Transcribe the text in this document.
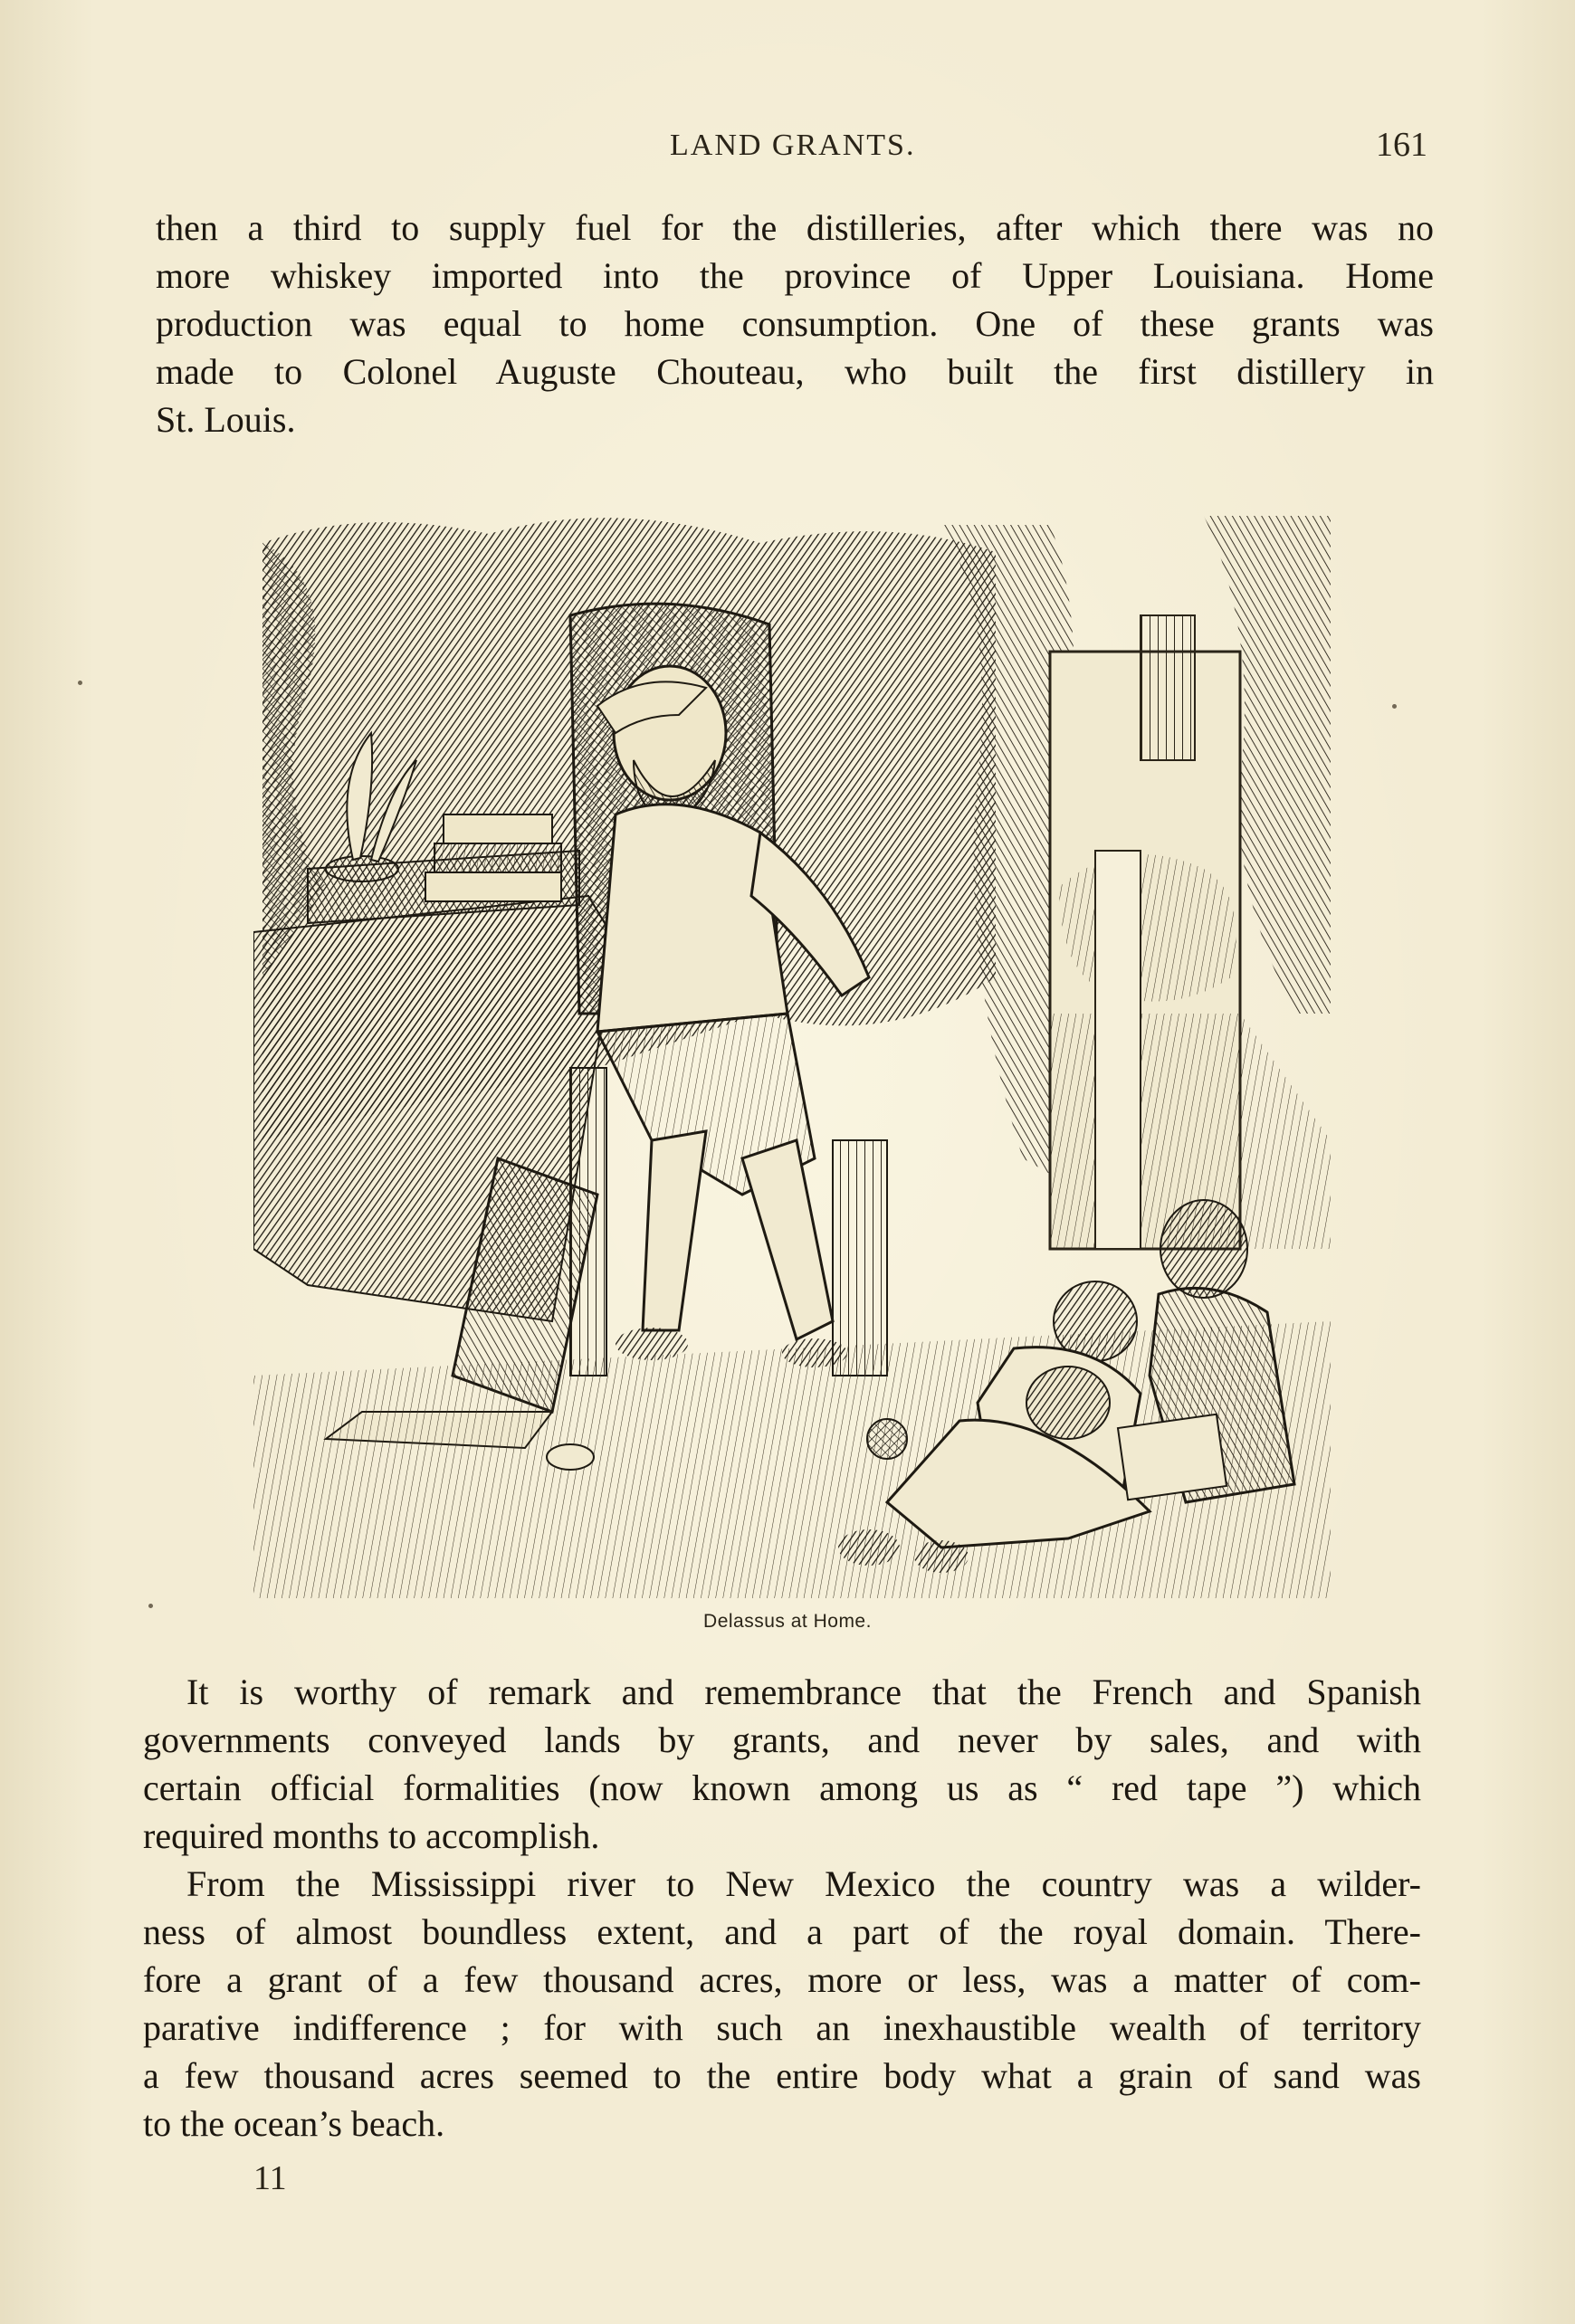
LAND GRANTS.	161
then a third to supply fuel for the distilleries, after which there was no
more whiskey imported into the province of Upper Louisiana. Home
production was equal to home consumption. One of these grants was
made to Colonel Auguste Chouteau, who built the first distillery in
St. Louis.
Delassus at Home.
It is worthy of remark and remembrance that the French and Spanish
governments conveyed lands by grants, and never by sales, and with
certain official formalities (now known among us as “ red tape ”) which
required months to accomplish.
From the Mississippi river to New Mexico the country was a wilder-
ness of almost boundless extent, and a part of the royal domain. There-
fore a grant of a few thousand acres, more or less, was a matter of com-
parative indifference ; for with such an inexhaustible wealth of territory
a few thousand acres seemed to the entire body what a grain of sand was
to the ocean’s beach.
11
